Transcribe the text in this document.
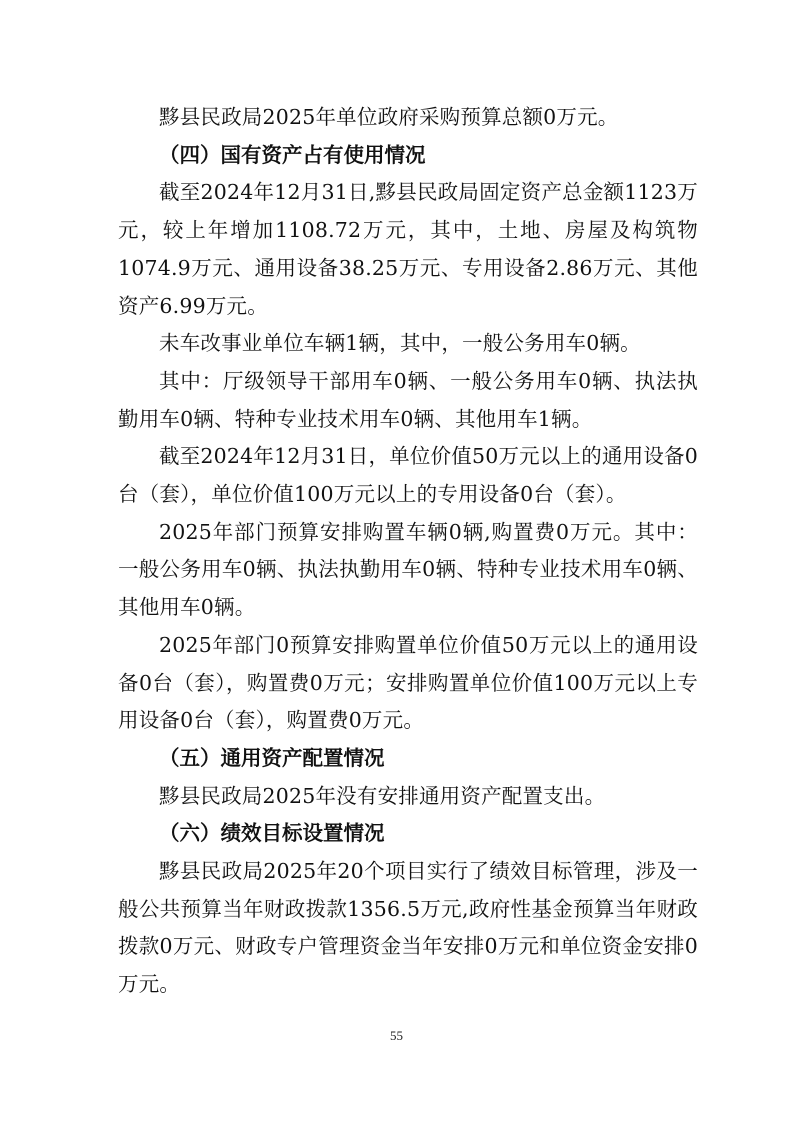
黟县民政局2025年单位政府采购预算总额0万元。

（四）国有资产占有使用情况

截至2024年12月31日,黟县民政局固定资产总金额1123万元，较上年增加1108.72万元，其中，土地、房屋及构筑物1074.9万元、通用设备38.25万元、专用设备2.86万元、其他资产6.99万元。

未车改事业单位车辆1辆，其中，一般公务用车0辆。

其中：厅级领导干部用车0辆、一般公务用车0辆、执法执勤用车0辆、特种专业技术用车0辆、其他用车1辆。

截至2024年12月31日，单位价值50万元以上的通用设备0台（套），单位价值100万元以上的专用设备0台（套）。

2025年部门预算安排购置车辆0辆,购置费0万元。其中：一般公务用车0辆、执法执勤用车0辆、特种专业技术用车0辆、其他用车0辆。

2025年部门0预算安排购置单位价值50万元以上的通用设备0台（套），购置费0万元；安排购置单位价值100万元以上专用设备0台（套），购置费0万元。

（五）通用资产配置情况

黟县民政局2025年没有安排通用资产配置支出。

（六）绩效目标设置情况

黟县民政局2025年20个项目实行了绩效目标管理，涉及一般公共预算当年财政拨款1356.5万元,政府性基金预算当年财政拨款0万元、财政专户管理资金当年安排0万元和单位资金安排0万元。

55
